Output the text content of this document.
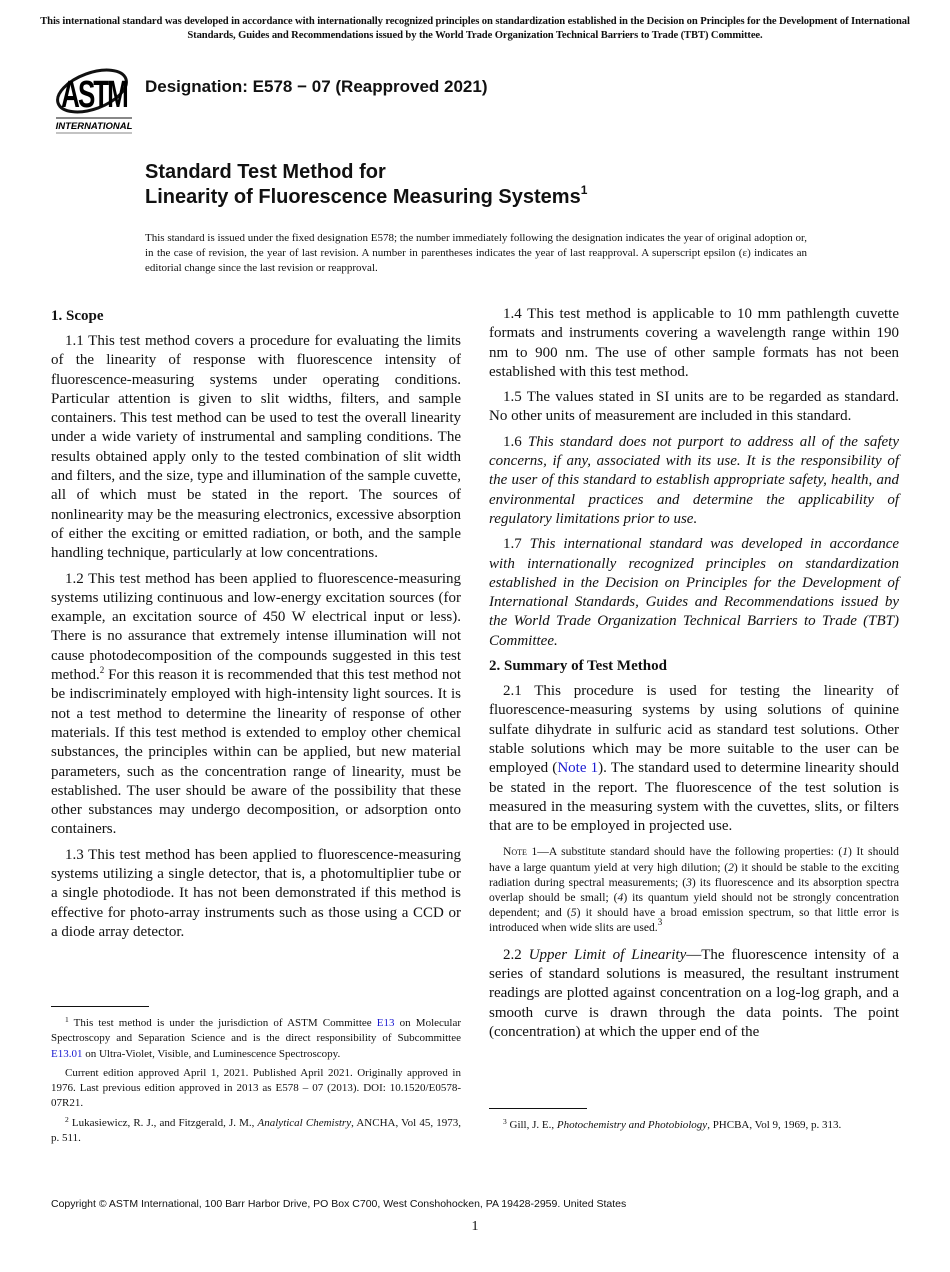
This international standard was developed in accordance with internationally recognized principles on standardization established in the Decision on Principles for the Development of International Standards, Guides and Recommendations issued by the World Trade Organization Technical Barriers to Trade (TBT) Committee.
ASTM
INTERNATIONAL
Designation: E578 − 07 (Reapproved 2021)
Standard Test Method for
Linearity of Fluorescence Measuring Systems$^1$
This standard is issued under the fixed designation E578; the number immediately following the designation indicates the year of original adoption or, in the case of revision, the year of last revision. A number in parentheses indicates the year of last reapproval. A superscript epsilon (ε) indicates an editorial change since the last revision or reapproval.
1. Scope

1.1 This test method covers a procedure for evaluating the limits of the linearity of response with fluorescence intensity of fluorescence-measuring systems under operating conditions. Particular attention is given to slit widths, filters, and sample containers. This test method can be used to test the overall linearity under a wide variety of instrumental and sampling conditions. The results obtained apply only to the tested combination of slit width and filters, and the size, type and illumination of the sample cuvette, all of which must be stated in the report. The sources of nonlinearity may be the measuring electronics, excessive absorption of either the exciting or emitted radiation, or both, and the sample handling technique, particularly at low concentrations.

1.2 This test method has been applied to fluorescence-measuring systems utilizing continuous and low-energy excitation sources (for example, an excitation source of 450 W electrical input or less). There is no assurance that extremely intense illumination will not cause photodecomposition of the compounds suggested in this test method.$^2$ For this reason it is recommended that this test method not be indiscriminately employed with high-intensity light sources. It is not a test method to determine the linearity of response of other materials. If this test method is extended to employ other chemical substances, the principles within can be applied, but new material parameters, such as the concentration range of linearity, must be established. The user should be aware of the possibility that these other substances may undergo decomposition, or adsorption onto containers.

1.3 This test method has been applied to fluorescence-measuring systems utilizing a single detector, that is, a photomultiplier tube or a single photodiode. It has not been demonstrated if this method is effective for photo-array instruments such as those using a CCD or a diode array detector.

1.4 This test method is applicable to 10 mm pathlength cuvette formats and instruments covering a wavelength range within 190 nm to 900 nm. The use of other sample formats has not been established with this test method.

1.5 The values stated in SI units are to be regarded as standard. No other units of measurement are included in this standard.

1.6 This standard does not purport to address all of the safety concerns, if any, associated with its use. It is the responsibility of the user of this standard to establish appropriate safety, health, and environmental practices and determine the applicability of regulatory limitations prior to use.

1.7 This international standard was developed in accordance with internationally recognized principles on standardization established in the Decision on Principles for the Development of International Standards, Guides and Recommendations issued by the World Trade Organization Technical Barriers to Trade (TBT) Committee.

2. Summary of Test Method

2.1 This procedure is used for testing the linearity of fluorescence-measuring systems by using solutions of quinine sulfate dihydrate in sulfuric acid as standard test solutions. Other stable solutions which may be more suitable to the user can be employed (Note 1). The standard used to determine linearity should be stated in the report. The fluorescence of the test solution is measured in the measuring system with the cuvettes, slits, or filters that are to be employed in projected use.

Note 1—A substitute standard should have the following properties: (1) It should have a large quantum yield at very high dilution; (2) it should be stable to the exciting radiation during spectral measurements; (3) its fluorescence and its absorption spectra overlap should be small; (4) its quantum yield should not be strongly concentration dependent; and (5) it should have a broad emission spectrum, so that little error is introduced when wide slits are used.$^3$

2.2 Upper Limit of Linearity—The fluorescence intensity of a series of standard solutions is measured, the resultant instrument readings are plotted against concentration on a log-log graph, and a smooth curve is drawn through the data points. The point (concentration) at which the upper end of the

$^1$ This test method is under the jurisdiction of ASTM Committee E13 on Molecular Spectroscopy and Separation Science and is the direct responsibility of Subcommittee E13.01 on Ultra-Violet, Visible, and Luminescence Spectroscopy.

Current edition approved April 1, 2021. Published April 2021. Originally approved in 1976. Last previous edition approved in 2013 as E578 – 07 (2013). DOI: 10.1520/E0578-07R21.

$^2$ Lukasiewicz, R. J., and Fitzgerald, J. M., Analytical Chemistry, ANCHA, Vol 45, 1973, p. 511.

$^3$ Gill, J. E., Photochemistry and Photobiology, PHCBA, Vol 9, 1969, p. 313.

Copyright © ASTM International, 100 Barr Harbor Drive, PO Box C700, West Conshohocken, PA 19428-2959. United States
1
